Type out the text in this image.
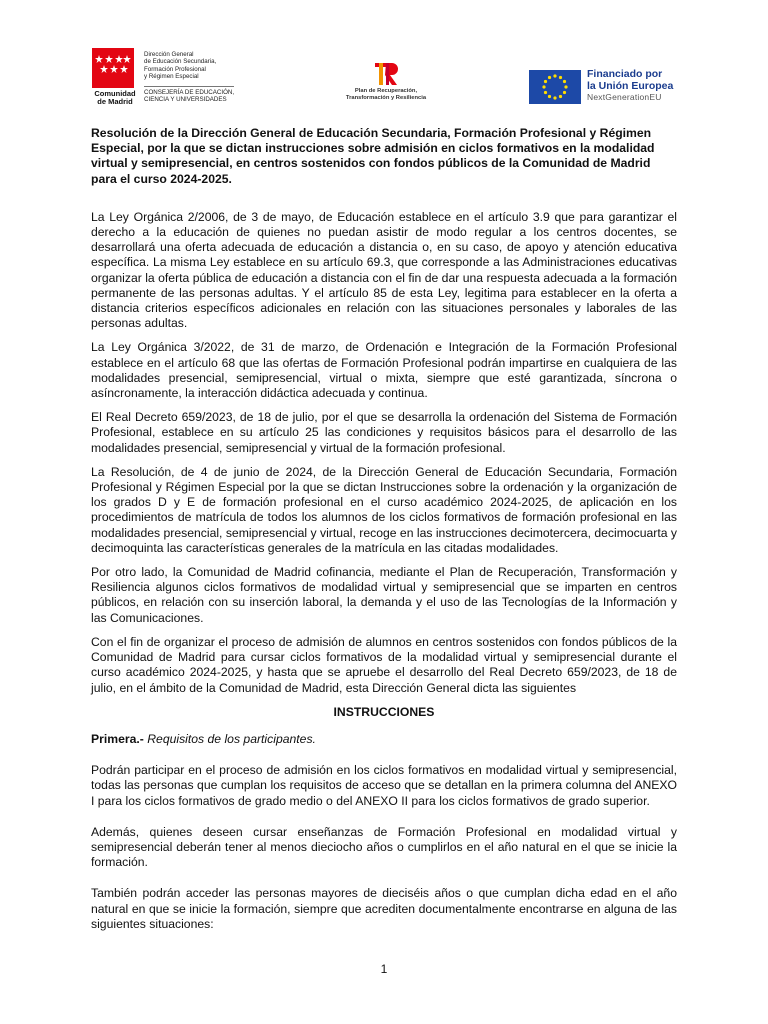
Comunidad
de Madrid
Dirección General
de Educación Secundaria,
Formación Profesional
y Régimen Especial
CONSEJERÍA DE EDUCACIÓN,
CIENCIA Y UNIVERSIDADES
Plan de Recuperación,
Transformación y Resiliencia
Financiado por
la Unión Europea
NextGenerationEU

Resolución de la Dirección General de Educación Secundaria, Formación Profesional y Régimen Especial, por la que se dictan instrucciones sobre admisión en ciclos formativos en la modalidad virtual y semipresencial, en centros sostenidos con fondos públicos de la Comunidad de Madrid para el curso 2024-2025.

La Ley Orgánica 2/2006, de 3 de mayo, de Educación establece en el artículo 3.9 que para garantizar el derecho a la educación de quienes no puedan asistir de modo regular a los centros docentes, se desarrollará una oferta adecuada de educación a distancia o, en su caso, de apoyo y atención educativa específica. La misma Ley establece en su artículo 69.3, que corresponde a las Administraciones educativas organizar la oferta pública de educación a distancia con el fin de dar una respuesta adecuada a la formación permanente de las personas adultas. Y el artículo 85 de esta Ley, legitima para establecer en la oferta a distancia criterios específicos adicionales en relación con las situaciones personales y laborales de las personas adultas.

La Ley Orgánica 3/2022, de 31 de marzo, de Ordenación e Integración de la Formación Profesional establece en el artículo 68 que las ofertas de Formación Profesional podrán impartirse en cualquiera de las modalidades presencial, semipresencial, virtual o mixta, siempre que esté garantizada, síncrona o asíncronamente, la interacción didáctica adecuada y continua.

El Real Decreto 659/2023, de 18 de julio, por el que se desarrolla la ordenación del Sistema de Formación Profesional, establece en su artículo 25 las condiciones y requisitos básicos para el desarrollo de las modalidades presencial, semipresencial y virtual de la formación profesional.

La Resolución, de 4 de junio de 2024, de la Dirección General de Educación Secundaria, Formación Profesional y Régimen Especial por la que se dictan Instrucciones sobre la ordenación y la organización de los grados D y E de formación profesional en el curso académico 2024-2025, de aplicación en los procedimientos de matrícula de todos los alumnos de los ciclos formativos de formación profesional en las modalidades presencial, semipresencial y virtual, recoge en las instrucciones decimotercera, decimocuarta y decimoquinta las características generales de la matrícula en las citadas modalidades.

Por otro lado, la Comunidad de Madrid cofinancia, mediante el Plan de Recuperación, Transformación y Resiliencia algunos ciclos formativos de modalidad virtual y semipresencial que se imparten en centros públicos, en relación con su inserción laboral, la demanda y el uso de las Tecnologías de la Información y las Comunicaciones.

Con el fin de organizar el proceso de admisión de alumnos en centros sostenidos con fondos públicos de la Comunidad de Madrid para cursar ciclos formativos de la modalidad virtual y semipresencial durante el curso académico 2024-2025, y hasta que se apruebe el desarrollo del Real Decreto 659/2023, de 18 de julio, en el ámbito de la Comunidad de Madrid, esta Dirección General dicta las siguientes

INSTRUCCIONES

Primera.- Requisitos de los participantes.

Podrán participar en el proceso de admisión en los ciclos formativos en modalidad virtual y semipresencial, todas las personas que cumplan los requisitos de acceso que se detallan en la primera columna del ANEXO I para los ciclos formativos de grado medio o del ANEXO II para los ciclos formativos de grado superior.

Además, quienes deseen cursar enseñanzas de Formación Profesional en modalidad virtual y semipresencial deberán tener al menos dieciocho años o cumplirlos en el año natural en el que se inicie la formación.

También podrán acceder las personas mayores de dieciséis años o que cumplan dicha edad en el año natural en que se inicie la formación, siempre que acrediten documentalmente encontrarse en alguna de las siguientes situaciones:

1
